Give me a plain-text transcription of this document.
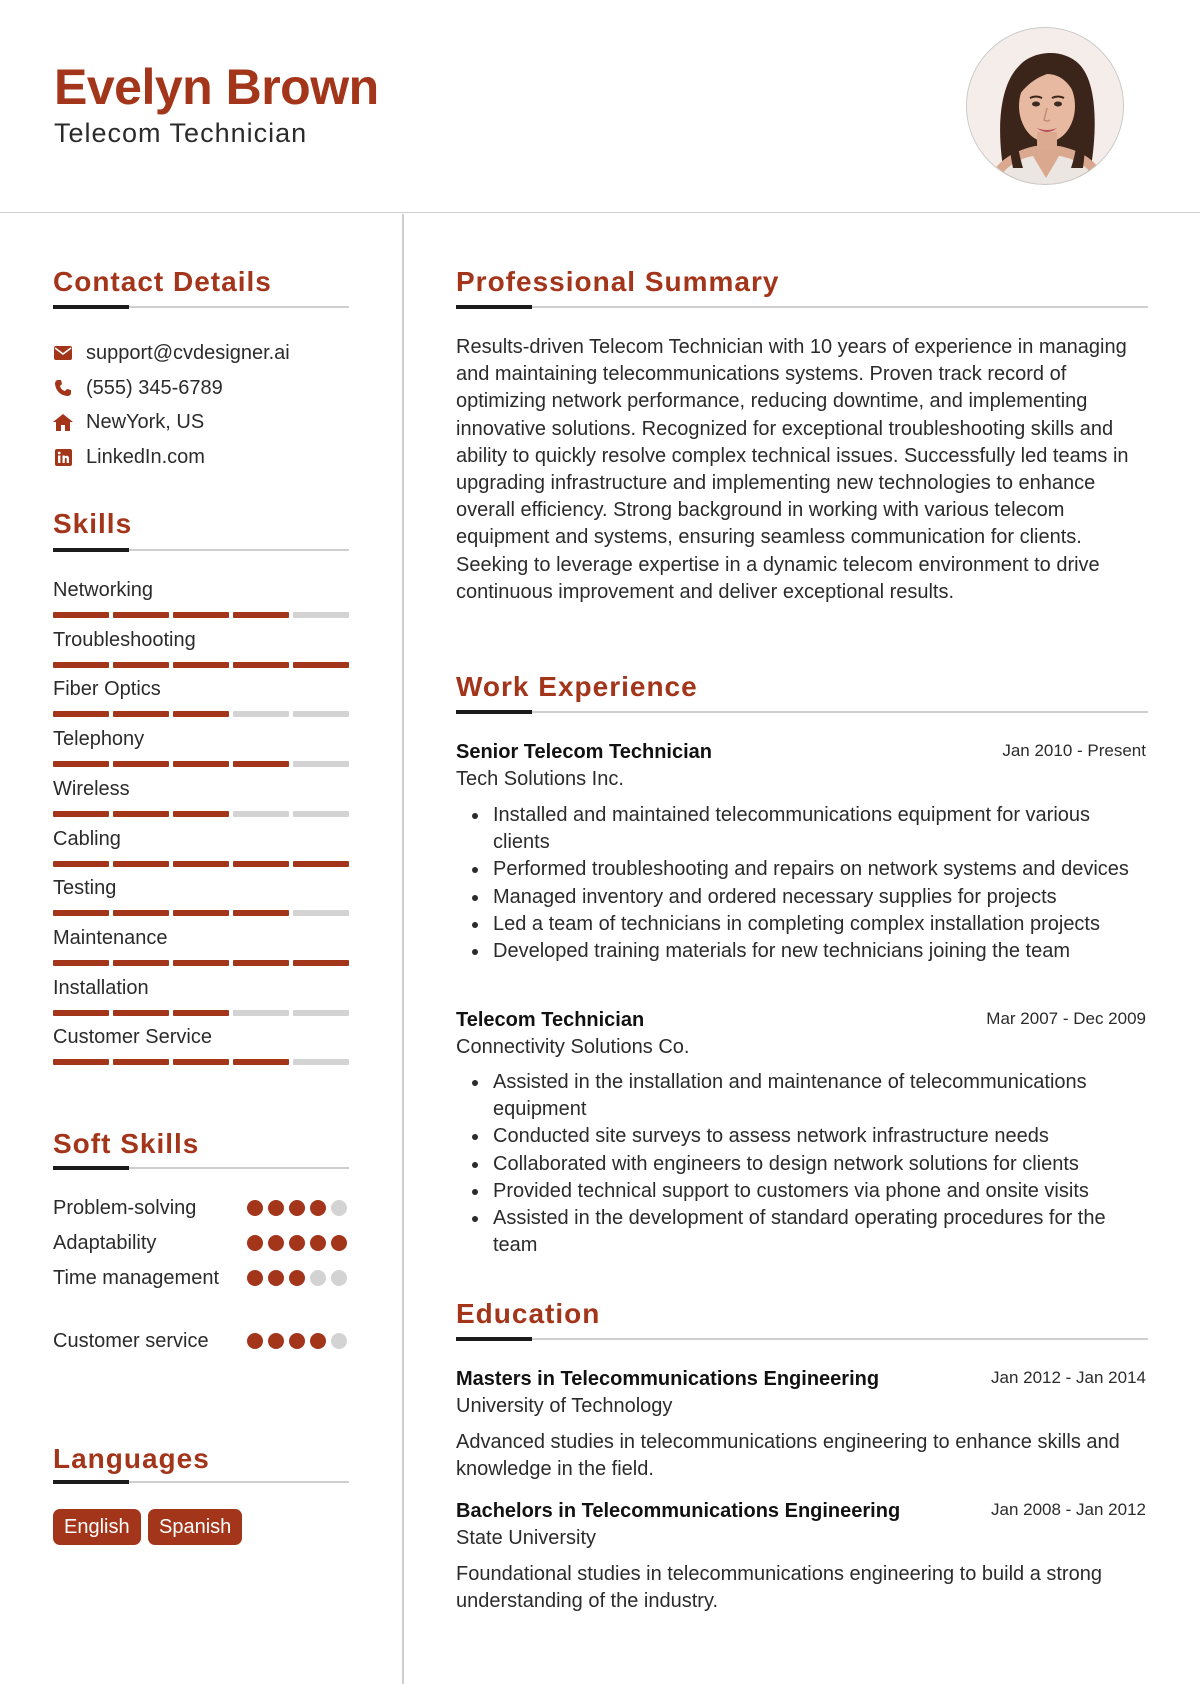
Evelyn Brown
Telecom Technician
Contact Details
support@cvdesigner.ai
(555) 345-6789
NewYork, US
LinkedIn.com
Skills
Networking
Troubleshooting
Fiber Optics
Telephony
Wireless
Cabling
Testing
Maintenance
Installation
Customer Service
Soft Skills
Problem-solving
Adaptability
Time management
Customer service
Languages
English	Spanish
Professional Summary
Results-driven Telecom Technician with 10 years of experience in managing and maintaining telecommunications systems. Proven track record of optimizing network performance, reducing downtime, and implementing innovative solutions. Recognized for exceptional troubleshooting skills and ability to quickly resolve complex technical issues. Successfully led teams in upgrading infrastructure and implementing new technologies to enhance overall efficiency. Strong background in working with various telecom equipment and systems, ensuring seamless communication for clients. Seeking to leverage expertise in a dynamic telecom environment to drive continuous improvement and deliver exceptional results.
Work Experience
Senior Telecom Technician	Jan 2010 - Present
Tech Solutions Inc.
Installed and maintained telecommunications equipment for various clients
Performed troubleshooting and repairs on network systems and devices
Managed inventory and ordered necessary supplies for projects
Led a team of technicians in completing complex installation projects
Developed training materials for new technicians joining the team
Telecom Technician	Mar 2007 - Dec 2009
Connectivity Solutions Co.
Assisted in the installation and maintenance of telecommunications equipment
Conducted site surveys to assess network infrastructure needs
Collaborated with engineers to design network solutions for clients
Provided technical support to customers via phone and onsite visits
Assisted in the development of standard operating procedures for the team
Education
Masters in Telecommunications Engineering	Jan 2012 - Jan 2014
University of Technology
Advanced studies in telecommunications engineering to enhance skills and knowledge in the field.
Bachelors in Telecommunications Engineering	Jan 2008 - Jan 2012
State University
Foundational studies in telecommunications engineering to build a strong understanding of the industry.
